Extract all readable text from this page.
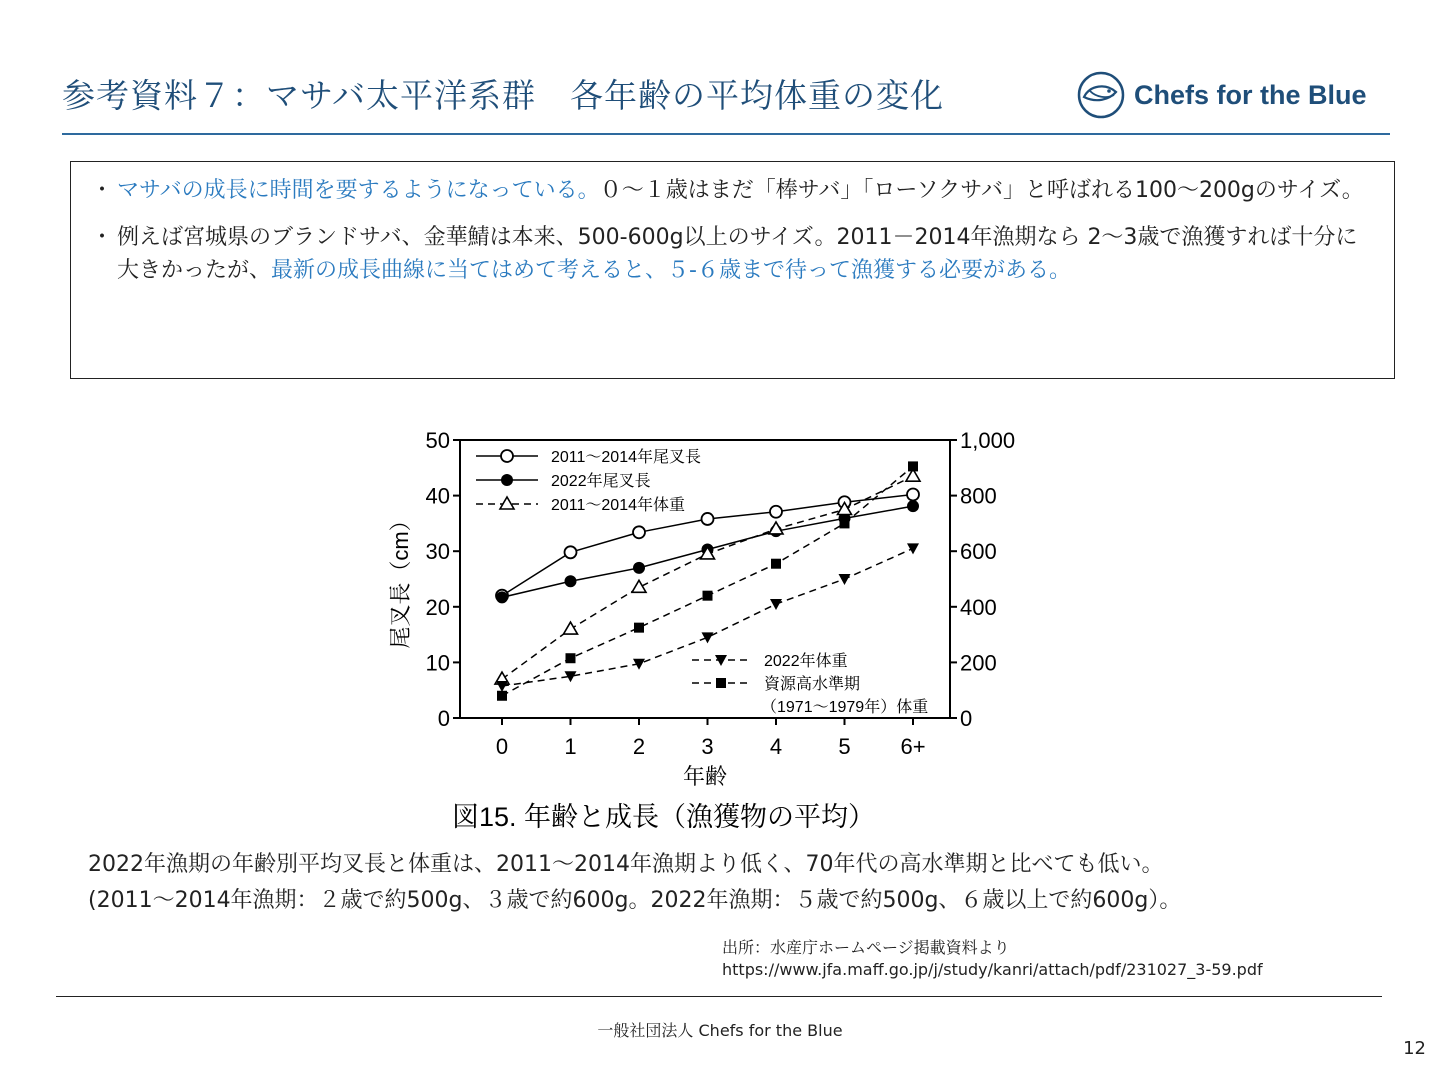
参考資料７：マサバ太平洋系群　各年齢の平均体重の変化	Chefs for the Blue
・ マサバの成長に時間を要するようになっている。０～１歳はまだ「棒サバ」「ローソクサバ」と呼ばれる100～200gのサイズ。
・ 例えば宮城県のブランドサバ、金華鯖は本来、500-600g以上のサイズ。2011－2014年漁期なら 2～3歳で漁獲すれば十分に大きかったが、最新の成長曲線に当てはめて考えると、５-６歳まで待って漁獲する必要がある。
0
10
20
30
40
50
0
200
400
600
800
1,000
0	1	2	3	4	5 6+
年齢
尾叉長（cm）
図15. 年齢と成長（漁獲物の平均）
2011～2014年尾叉長
2022年尾叉長
2011～2014年体重
2022年体重
資源高水準期
（1971～1979年）体重
2022年漁期の年齢別平均叉長と体重は、2011～2014年漁期より低く、70年代の高水準期と比べても低い。
(2011～2014年漁期：２歳で約500g、３歳で約600g。2022年漁期：５歳で約500g、６歳以上で約600g）。
出所：水産庁ホームページ掲載資料より
https://www.jfa.maff.go.jp/j/study/kanri/attach/pdf/231027_3-59.pdf
一般社団法人 Chefs for the Blue
12
